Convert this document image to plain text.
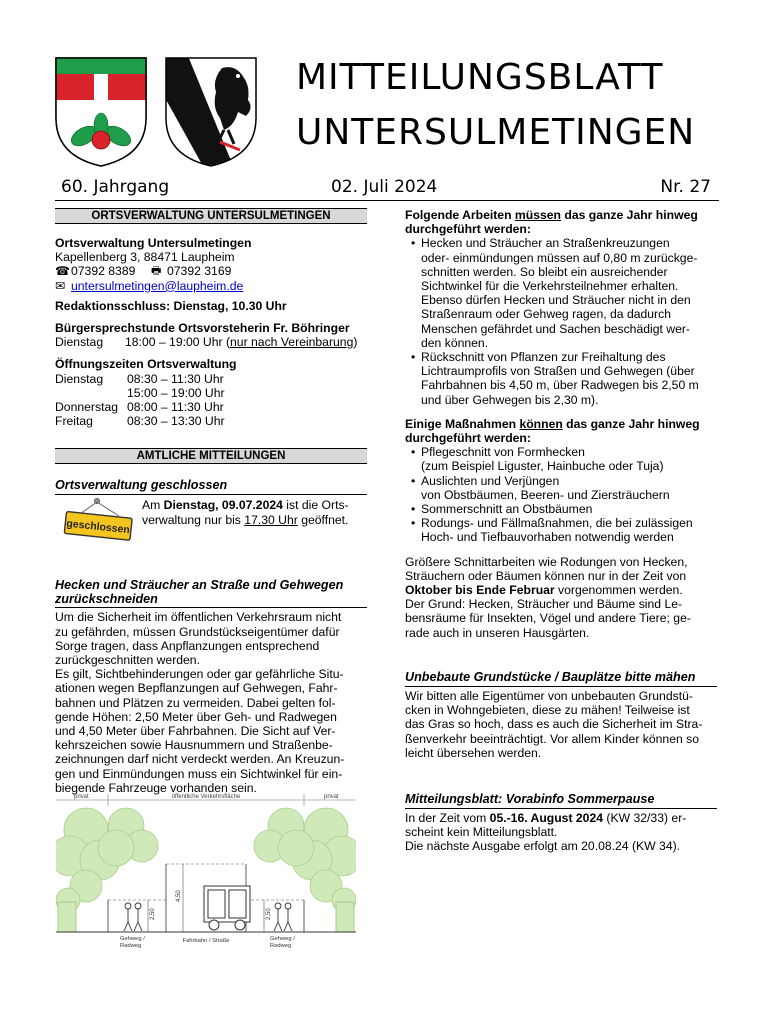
MITTEILUNGSBLATT
UNTERSULMETINGEN
60. Jahrgang	02. Juli 2024	Nr. 27
ORTSVERWALTUNG UNTERSULMETINGEN
Ortsverwaltung Untersulmetingen
Kapellenberg 3, 88471 Laupheim
☎ 07392 8389	🖶 07392 3169
✉ untersulmetingen@laupheim.de
Redaktionsschluss: Dienstag, 10.30 Uhr
Bürgersprechstunde Ortsvorsteherin Fr. Böhringer
Dienstag	18:00 – 19:00 Uhr (nur nach Vereinbarung)
Öffnungszeiten Ortsverwaltung
Dienstag	08:30 – 11:30 Uhr
15:00 – 19:00 Uhr
Donnerstag 08:00 – 11:30 Uhr
Freitag	08:30 – 13:30 Uhr
AMTLICHE MITTEILUNGEN
Ortsverwaltung geschlossen
geschlossen
Am Dienstag, 09.07.2024 ist die Orts-
verwaltung nur bis 17.30 Uhr geöffnet.
Hecken und Sträucher an Straße und Gehwegen
zurückschneiden
Um die Sicherheit im öffentlichen Verkehrsraum nicht
zu gefährden, müssen Grundstückseigentümer dafür
Sorge tragen, dass Anpflanzungen entsprechend
zurückgeschnitten werden.
Es gilt, Sichtbehinderungen oder gar gefährliche Situ-
ationen wegen Bepflanzungen auf Gehwegen, Fahr-
bahnen und Plätzen zu vermeiden. Dabei gelten fol-
gende Höhen: 2,50 Meter über Geh- und Radwegen
und 4,50 Meter über Fahrbahnen. Die Sicht auf Ver-
kehrszeichen sowie Hausnummern und Straßenbe-
zeichnungen darf nicht verdeckt werden. An Kreuzun-
gen und Einmündungen muss ein Sichtwinkel für ein-
biegende Fahrzeuge vorhanden sein.
privat	öffentliche Verkehrsfläche	privat
4,50
2,50	2,50
Gehweg /
Radweg
Fahrbahn / Straße	Gehweg /
Radweg
Folgende Arbeiten müssen das ganze Jahr hinweg
durchgeführt werden:
• Hecken und Sträucher an Straßenkreuzungen
oder- einmündungen müssen auf 0,80 m zurückge-
schnitten werden. So bleibt ein ausreichender
Sichtwinkel für die Verkehrsteilnehmer erhalten.
Ebenso dürfen Hecken und Sträucher nicht in den
Straßenraum oder Gehweg ragen, da dadurch
Menschen gefährdet und Sachen beschädigt wer-
den können.
• Rückschnitt von Pflanzen zur Freihaltung des
Lichtraumprofils von Straßen und Gehwegen (über
Fahrbahnen bis 4,50 m, über Radwegen bis 2,50 m
und über Gehwegen bis 2,30 m).
Einige Maßnahmen können das ganze Jahr hinweg
durchgeführt werden:
• Pflegeschnitt von Formhecken
(zum Beispiel Liguster, Hainbuche oder Tuja)
• Auslichten und Verjüngen
von Obstbäumen, Beeren- und Ziersträuchern
• Sommerschnitt an Obstbäumen
• Rodungs- und Fällmaßnahmen, die bei zulässigen
Hoch- und Tiefbauvorhaben notwendig werden
Größere Schnittarbeiten wie Rodungen von Hecken,
Sträuchern oder Bäumen können nur in der Zeit von
Oktober bis Ende Februar vorgenommen werden.
Der Grund: Hecken, Sträucher und Bäume sind Le-
bensräume für Insekten, Vögel und andere Tiere; ge-
rade auch in unseren Hausgärten.
Unbebaute Grundstücke / Bauplätze bitte mähen
Wir bitten alle Eigentümer von unbebauten Grundstü-
cken in Wohngebieten, diese zu mähen! Teilweise ist
das Gras so hoch, dass es auch die Sicherheit im Stra-
ßenverkehr beeinträchtigt. Vor allem Kinder können so
leicht übersehen werden.
Mitteilungsblatt: Vorabinfo Sommerpause
In der Zeit vom 05.-16. August 2024 (KW 32/33) er-
scheint kein Mitteilungsblatt.
Die nächste Ausgabe erfolgt am 20.08.24 (KW 34).
